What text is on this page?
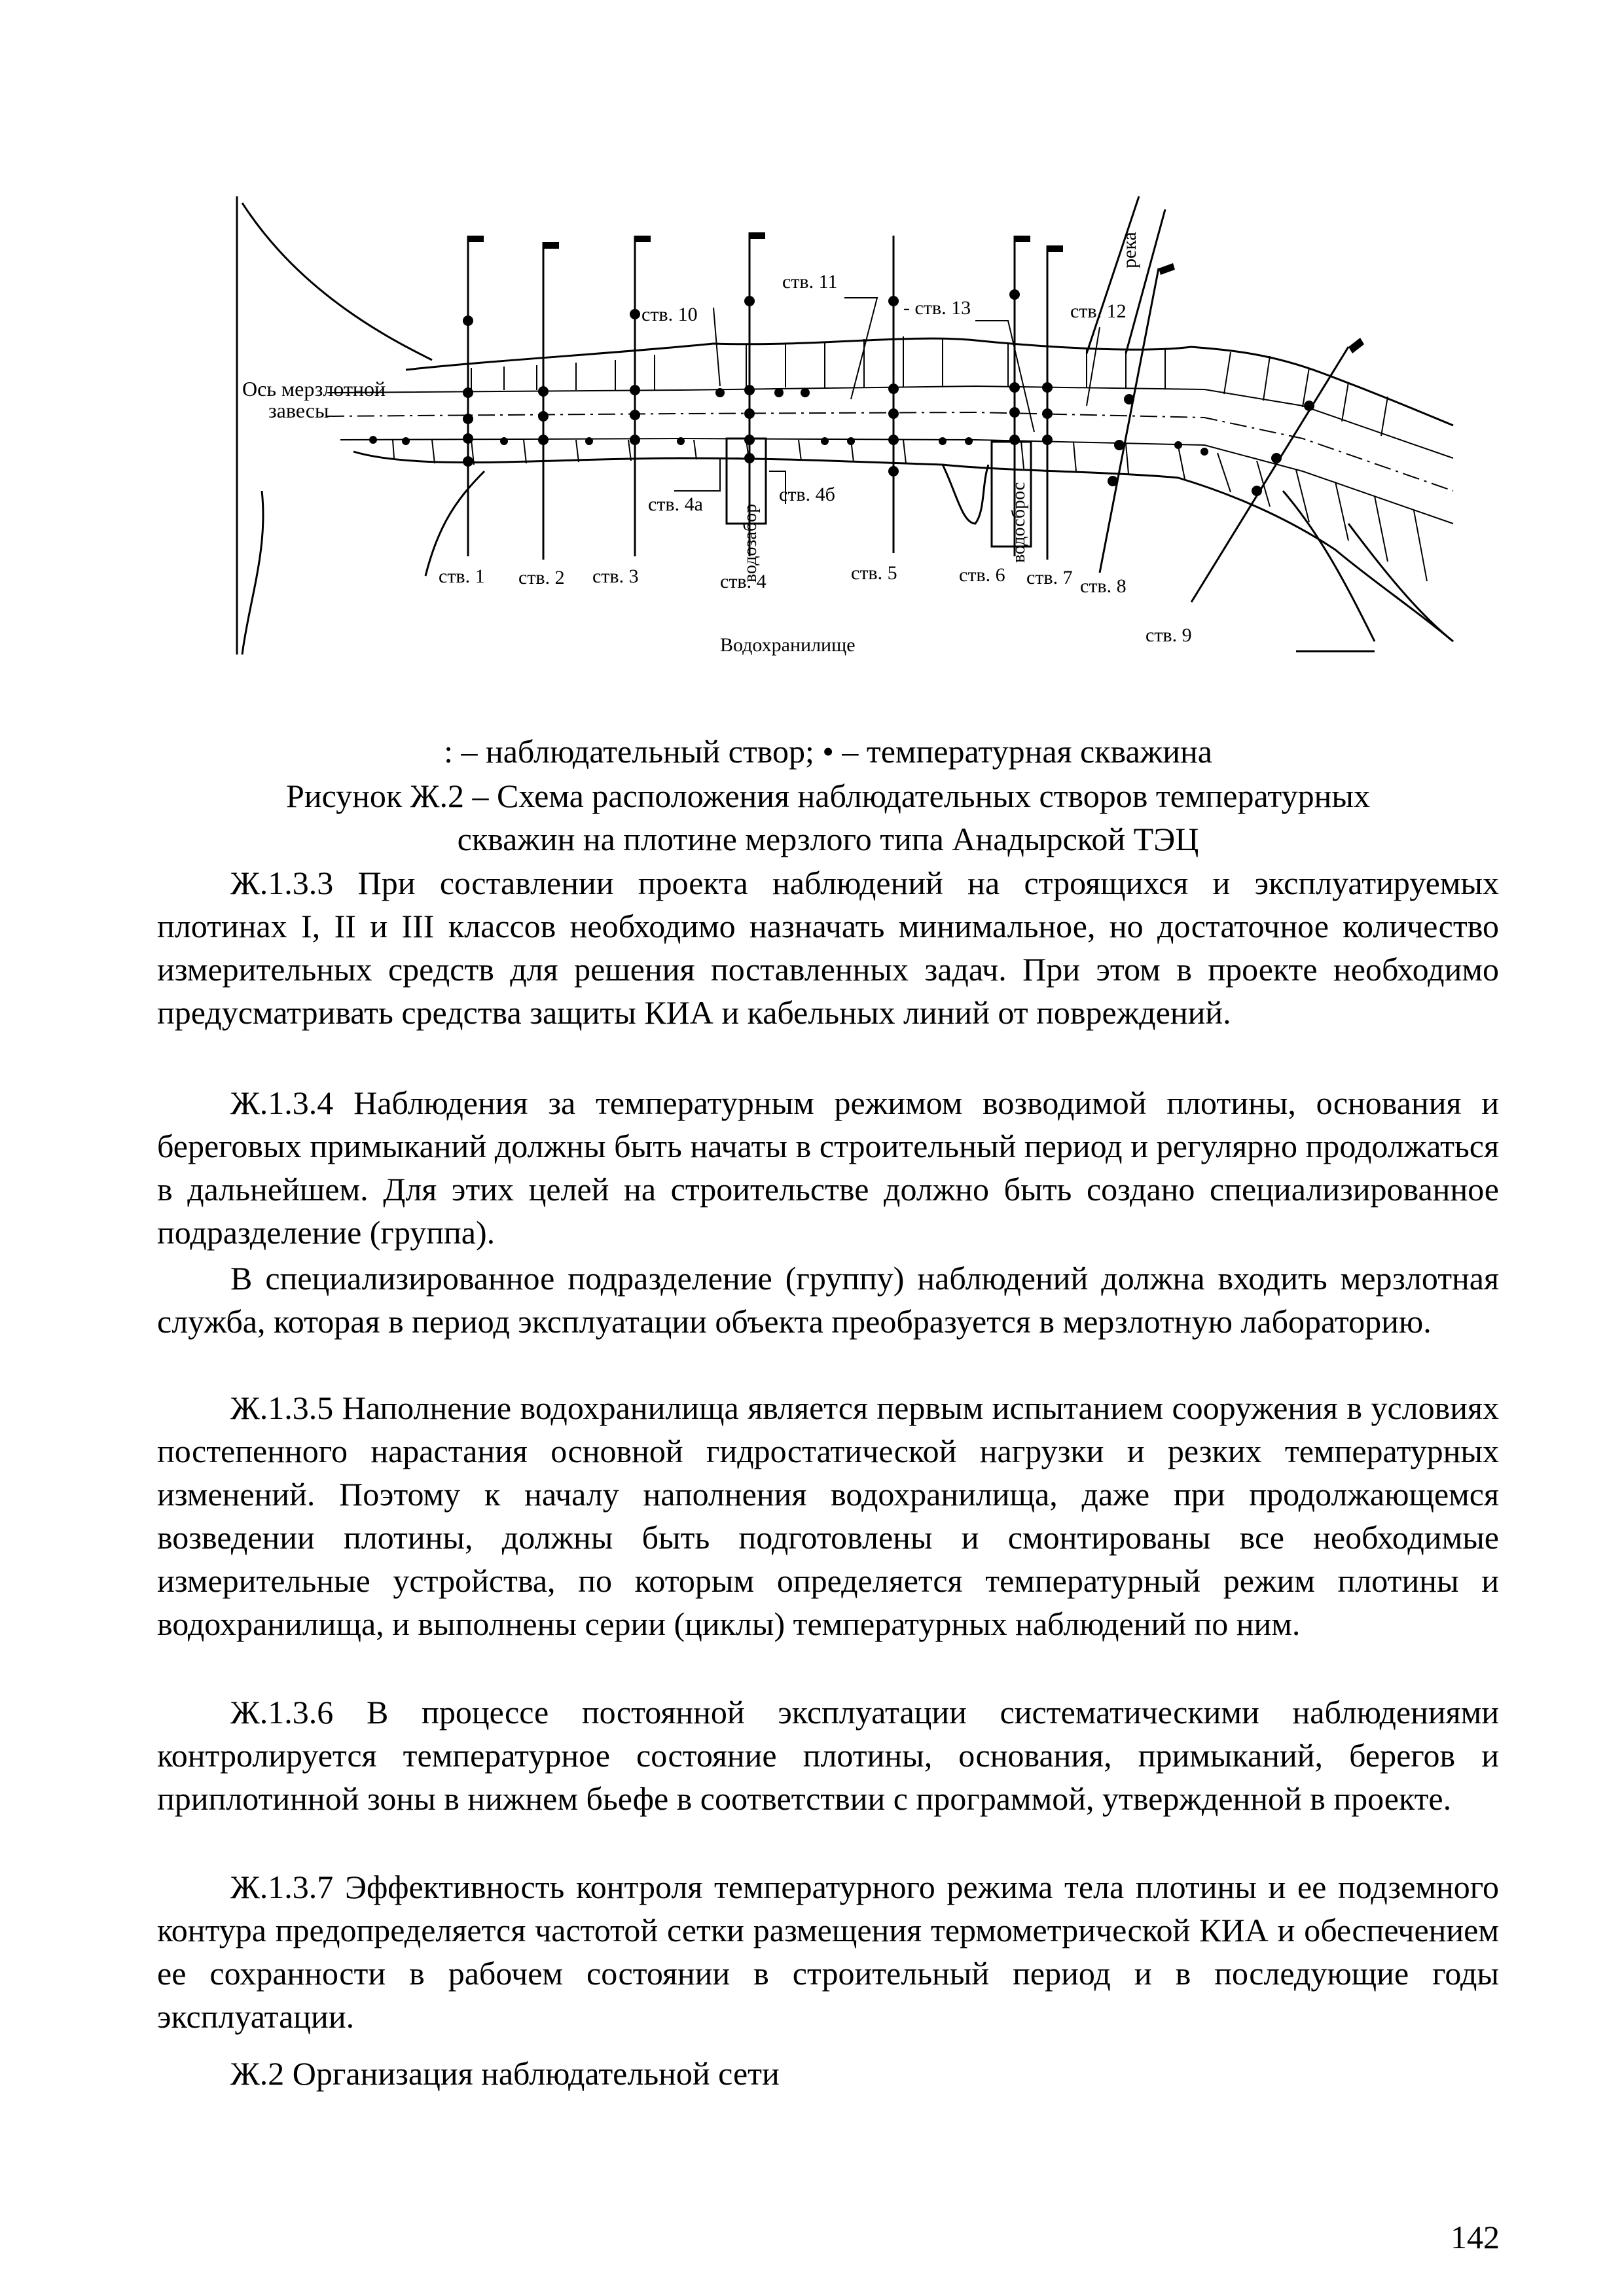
Ось мерзлотной
завесы
река
Водохранилище
водозабор	водосброс
ств. 1 ств. 2 ств. 3	ств. 4
ств. 4а	ств. 4б
ств. 5	ств. 6 ств. 7 ств. 8
ств. 9
ств. 10
ств. 11
ств. 12
- ств. 13
: – наблюдательный створ; • – температурная скважина
Рисунок Ж.2 – Схема расположения наблюдательных створов температурных
скважин на плотине мерзлого типа Анадырской ТЭЦ
Ж.1.3.3 При составлении проекта наблюдений на строящихся и эксплуатируемых плотинах I, II и III классов необходимо назначать минимальное, но достаточное количество измерительных средств для решения поставленных задач. При этом в проекте необходимо предусматривать средства защиты КИА и кабельных линий от повреждений.
Ж.1.3.4 Наблюдения за температурным режимом возводимой плотины, основания и береговых примыканий должны быть начаты в строительный период и регулярно продолжаться в дальнейшем. Для этих целей на строительстве должно быть создано специализированное подразделение (группа).
В специализированное подразделение (группу) наблюдений должна входить мерзлотная служба, которая в период эксплуатации объекта преобразуется в мерзлотную лабораторию.
Ж.1.3.5 Наполнение водохранилища является первым испытанием сооружения в условиях постепенного нарастания основной гидростатической нагрузки и резких температурных изменений. Поэтому к началу наполнения водохранилища, даже при продолжающемся возведении плотины, должны быть подготовлены и смонтированы все необходимые измерительные устройства, по которым определяется температурный режим плотины и водохранилища, и выполнены серии (циклы) температурных наблюдений по ним.
Ж.1.3.6 В процессе постоянной эксплуатации систематическими наблюдениями контролируется температурное состояние плотины, основания, примыканий, берегов и приплотинной зоны в нижнем бьефе в соответствии с программой, утвержденной в проекте.
Ж.1.3.7 Эффективность контроля температурного режима тела плотины и ее подземного контура предопределяется частотой сетки размещения термометрической КИА и обеспечением ее сохранности в рабочем состоянии в строительный период и в последующие годы эксплуатации.
Ж.2 Организация наблюдательной сети
142
